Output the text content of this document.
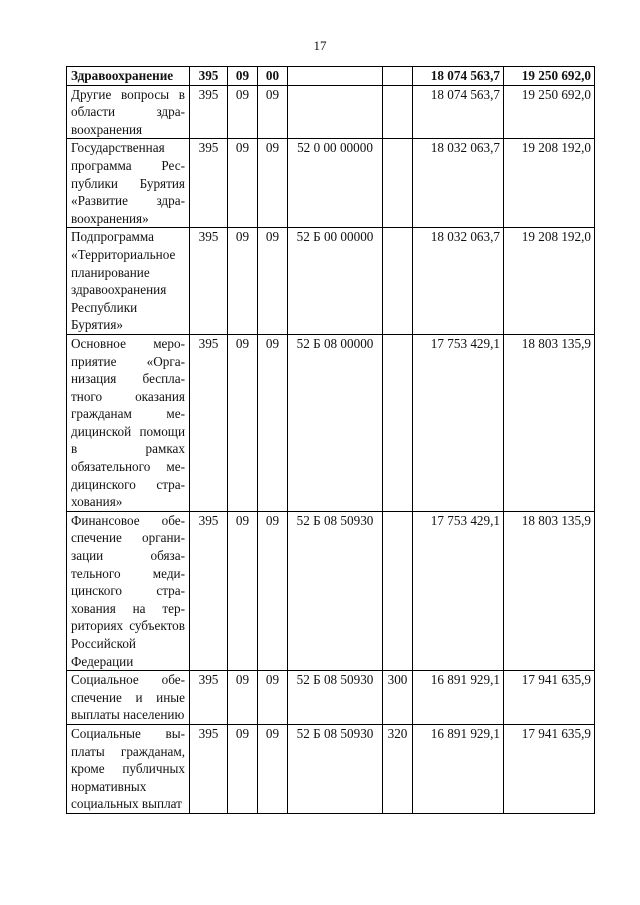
17
Здравоохранение	395	09	00			18 074 563,7	19 250 692,0
Другие вопросы в области здравоохранения	395	09	09			18 074 563,7	19 250 692,0
Государственная программа Республики Бурятия «Развитие здравоохранения»	395	09	09	52 0 00 00000		18 032 063,7	19 208 192,0
Подпрограмма «Территориальное планирование здравоохранения Республики Бурятия»	395	09	09	52 Б 00 00000		18 032 063,7	19 208 192,0
Основное мероприятие «Организация бесплатного оказания гражданам медицинской помощи в рамках обязательного медицинского страхования»	395	09	09	52 Б 08 00000		17 753 429,1	18 803 135,9
Финансовое обеспечение организации обязательного медицинского страхования на территориях субъектов Российской Федерации	395	09	09	52 Б 08 50930		17 753 429,1	18 803 135,9
Социальное обеспечение и иные выплаты населению	395	09	09	52 Б 08 50930	300	16 891 929,1	17 941 635,9
Социальные выплаты гражданам, кроме публичных нормативных социальных выплат	395	09	09	52 Б 08 50930	320	16 891 929,1	17 941 635,9
